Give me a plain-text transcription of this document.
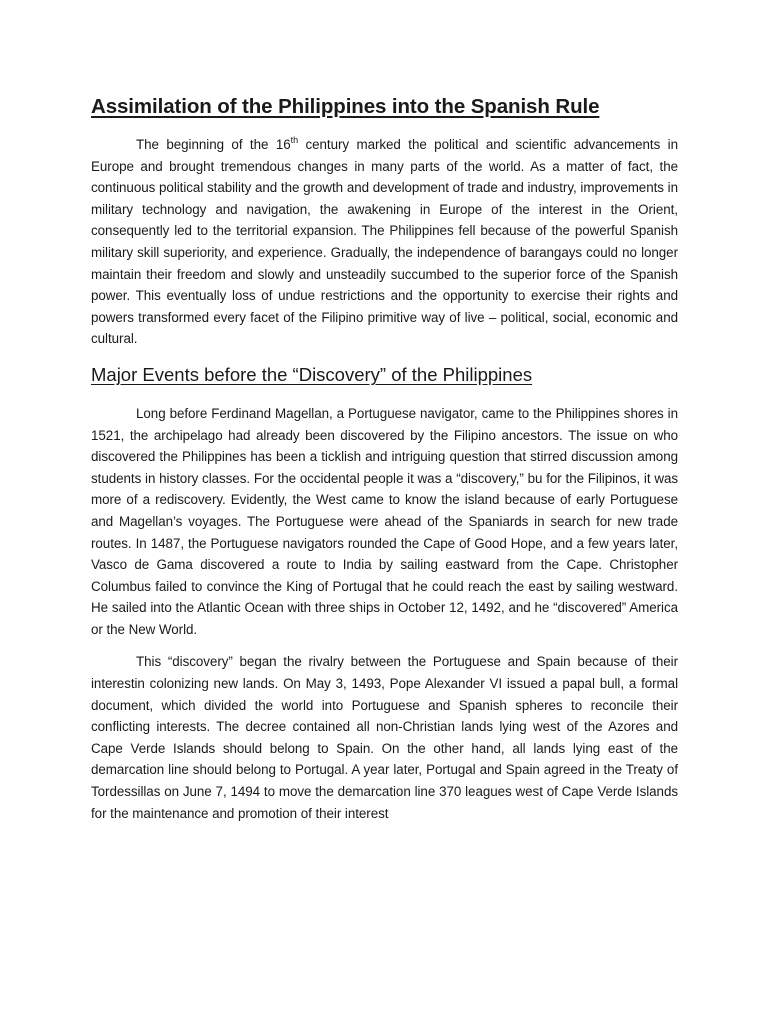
Assimilation of the Philippines into the Spanish Rule

The beginning of the 16th century marked the political and scientific advancements in Europe and brought tremendous changes in many parts of the world. As a matter of fact, the continuous political stability and the growth and development of trade and industry, improvements in military technology and navigation, the awakening in Europe of the interest in the Orient, consequently led to the territorial expansion. The Philippines fell because of the powerful Spanish military skill superiority, and experience. Gradually, the independence of barangays could no longer maintain their freedom and slowly and unsteadily succumbed to the superior force of the Spanish power. This eventually loss of undue restrictions and the opportunity to exercise their rights and powers transformed every facet of the Filipino primitive way of live – political, social, economic and cultural.

Major Events before the “Discovery” of the Philippines

Long before Ferdinand Magellan, a Portuguese navigator, came to the Philippines shores in 1521, the archipelago had already been discovered by the Filipino ancestors. The issue on who discovered the Philippines has been a ticklish and intriguing question that stirred discussion among students in history classes. For the occidental people it was a “discovery,” bu for the Filipinos, it was more of a rediscovery. Evidently, the West came to know the island because of early Portuguese and Magellan’s voyages. The Portuguese were ahead of the Spaniards in search for new trade routes. In 1487, the Portuguese navigators rounded the Cape of Good Hope, and a few years later, Vasco de Gama discovered a route to India by sailing eastward from the Cape. Christopher Columbus failed to convince the King of Portugal that he could reach the east by sailing westward. He sailed into the Atlantic Ocean with three ships in October 12, 1492, and he “discovered” America or the New World.

This “discovery” began the rivalry between the Portuguese and Spain because of their interestin colonizing new lands. On May 3, 1493, Pope Alexander VI issued a papal bull, a formal document, which divided the world into Portuguese and Spanish spheres to reconcile their conflicting interests. The decree contained all non-Christian lands lying west of the Azores and Cape Verde Islands should belong to Spain. On the other hand, all lands lying east of the demarcation line should belong to Portugal. A year later, Portugal and Spain agreed in the Treaty of Tordessillas on June 7, 1494 to move the demarcation line 370 leagues west of Cape Verde Islands for the maintenance and promotion of their interest
